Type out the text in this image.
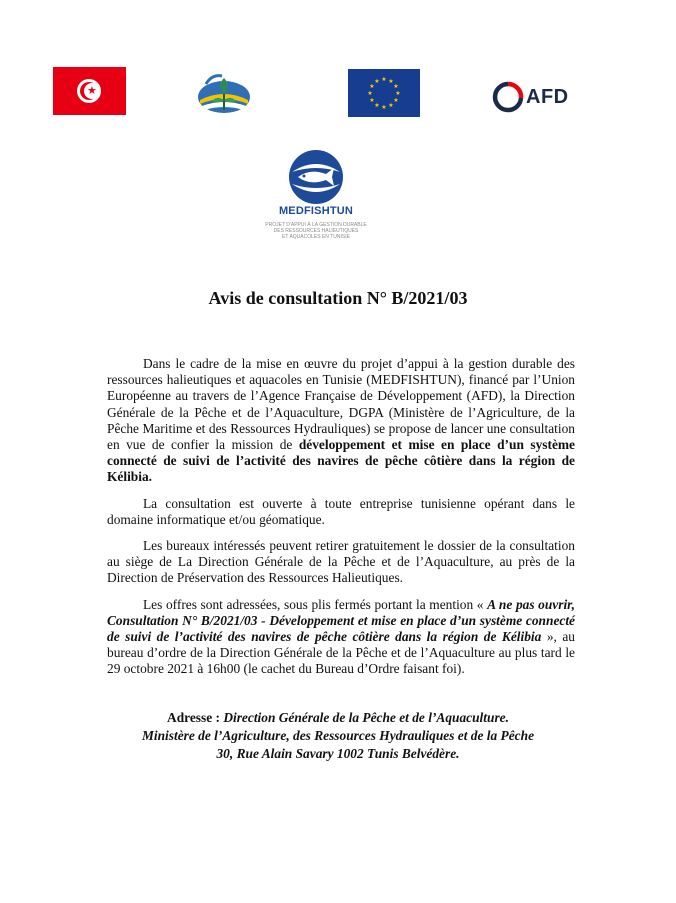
★
★ ★
★
★
★
★
★
★
★
★
★
★
AFD
MEDFISHTUN
PROJET D'APPUI À LA GESTION DURABLE
DES RESSOURCES HALIEUTIQUES
ET AQUACOLES EN TUNISIE
Avis de consultation N° B/2021/03

Dans le cadre de la mise en œuvre du projet d’appui à la gestion durable des ressources halieutiques et aquacoles en Tunisie (MEDFISHTUN), financé par l’Union Européenne au travers de l’Agence Française de Développement (AFD), la Direction Générale de la Pêche et de l’Aquaculture, DGPA (Ministère de l’Agriculture, de la Pêche Maritime et des Ressources Hydrauliques) se propose de lancer une consultation en vue de confier la mission de développement et mise en place d’un système connecté de suivi de l’activité des navires de pêche côtière dans la région de Kélibia.

La consultation est ouverte à toute entreprise tunisienne opérant dans le domaine informatique et/ou géomatique.

Les bureaux intéressés peuvent retirer gratuitement le dossier de la consultation au siège de La Direction Générale de la Pêche et de l’Aquaculture, au près de la Direction de Préservation des Ressources Halieutiques.

Les offres sont adressées, sous plis fermés portant la mention « A ne pas ouvrir, Consultation N° B/2021/03 - Développement et mise en place d’un système connecté de suivi de l’activité des navires de pêche côtière dans la région de Kélibia », au bureau d’ordre de la Direction Générale de la Pêche et de l’Aquaculture au plus tard le 29 octobre 2021 à 16h00 (le cachet du Bureau d’Ordre faisant foi).

Adresse : Direction Générale de la Pêche et de l’Aquaculture.
Ministère de l’Agriculture, des Ressources Hydrauliques et de la Pêche
30, Rue Alain Savary 1002 Tunis Belvédère.
